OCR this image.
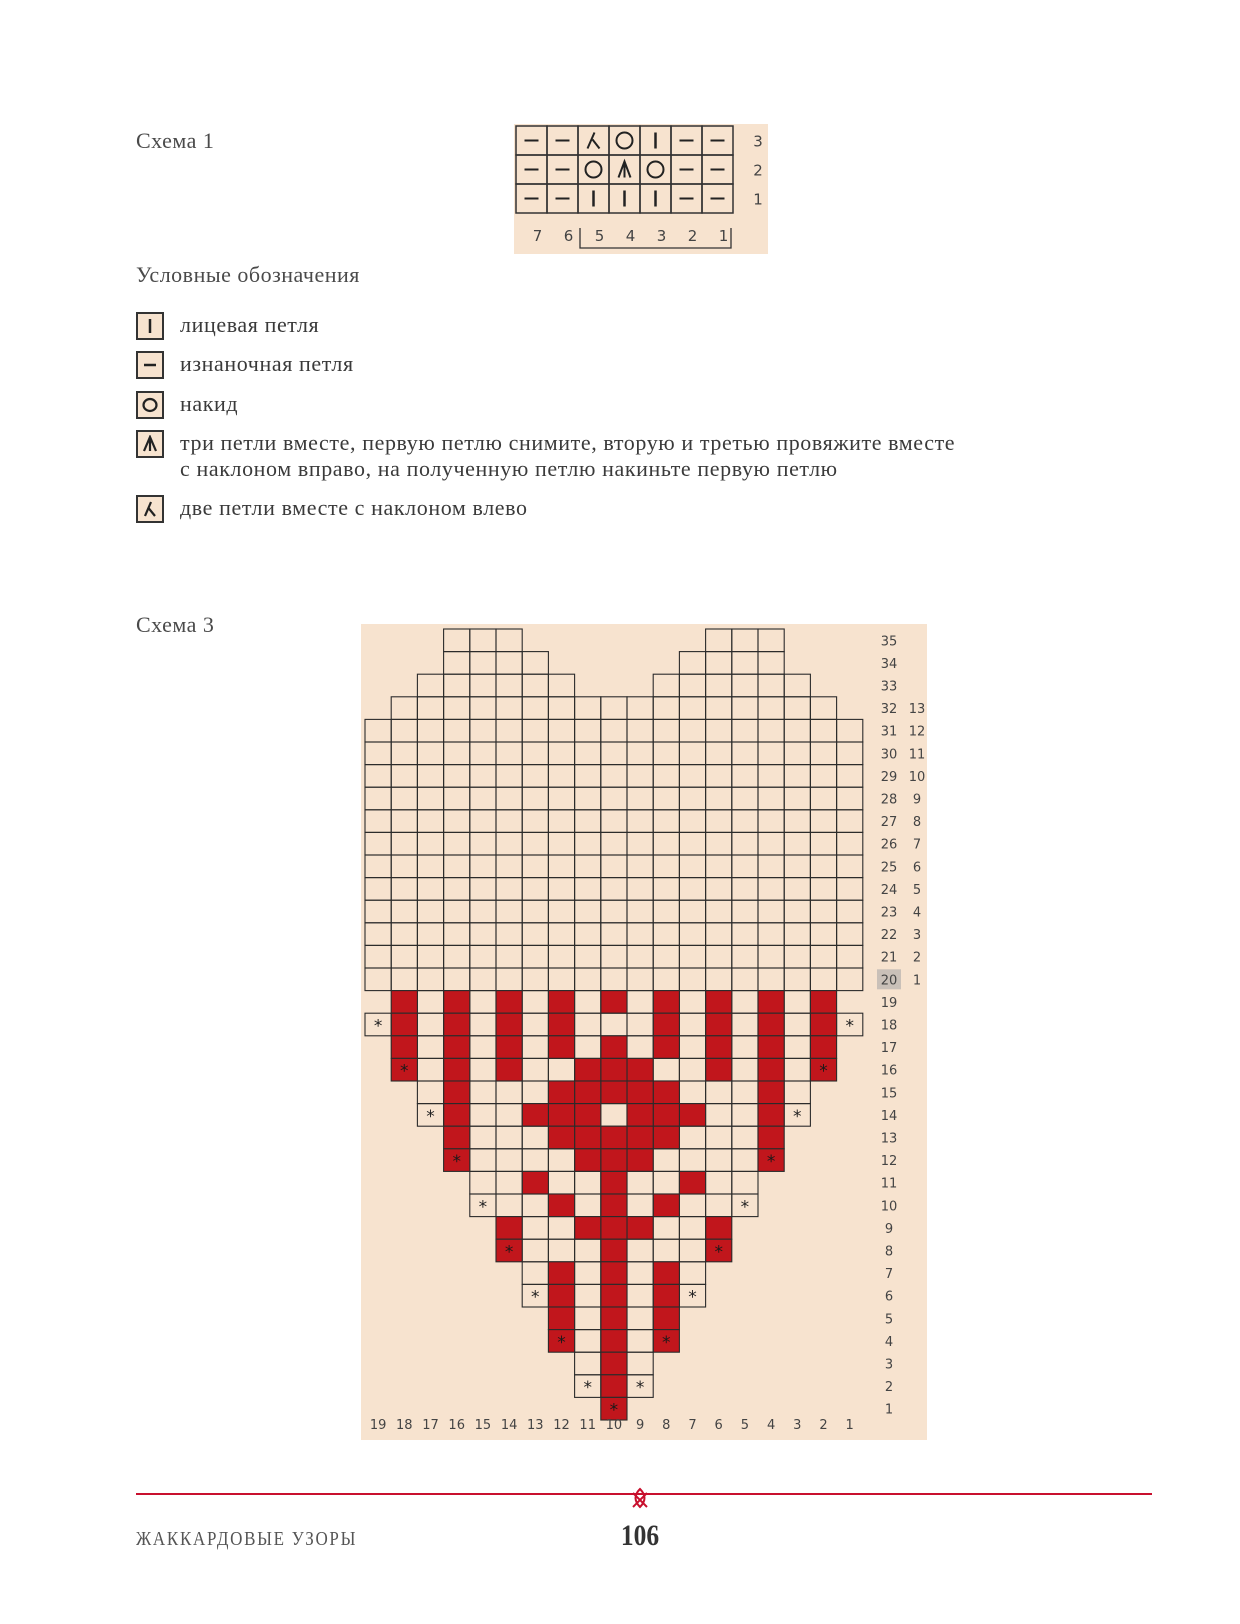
Схема 1	3
2
1
7 6 5 4 3 2 1
Условные обозначения
лицевая петля
изнаночная петля
накид
три петли вместе, первую петлю снимите, вторую и третью провяжите вместе
с наклоном вправо, на полученную петлю накиньте первую петлю
две петли вместе с наклоном влево
Схема 3
*
*
*
*
*
*
*
*
*
*
*
*
*
*
*
*
*
*
*
35
34
33
32
31
30
29
28
27
26
25
24
23
22
21
20
19
18
17
16
15
14
13
12
11
10
9
8
7
6
5
4
3
2
1
13
12
11
10
9
8
7
6
5
4
3
2
1
19 18 17 16 15 14 13 12 11 10 9 8 7 6 5 4 3 2 1
ЖАККАРДОВЫЕ УЗОРЫ	106
